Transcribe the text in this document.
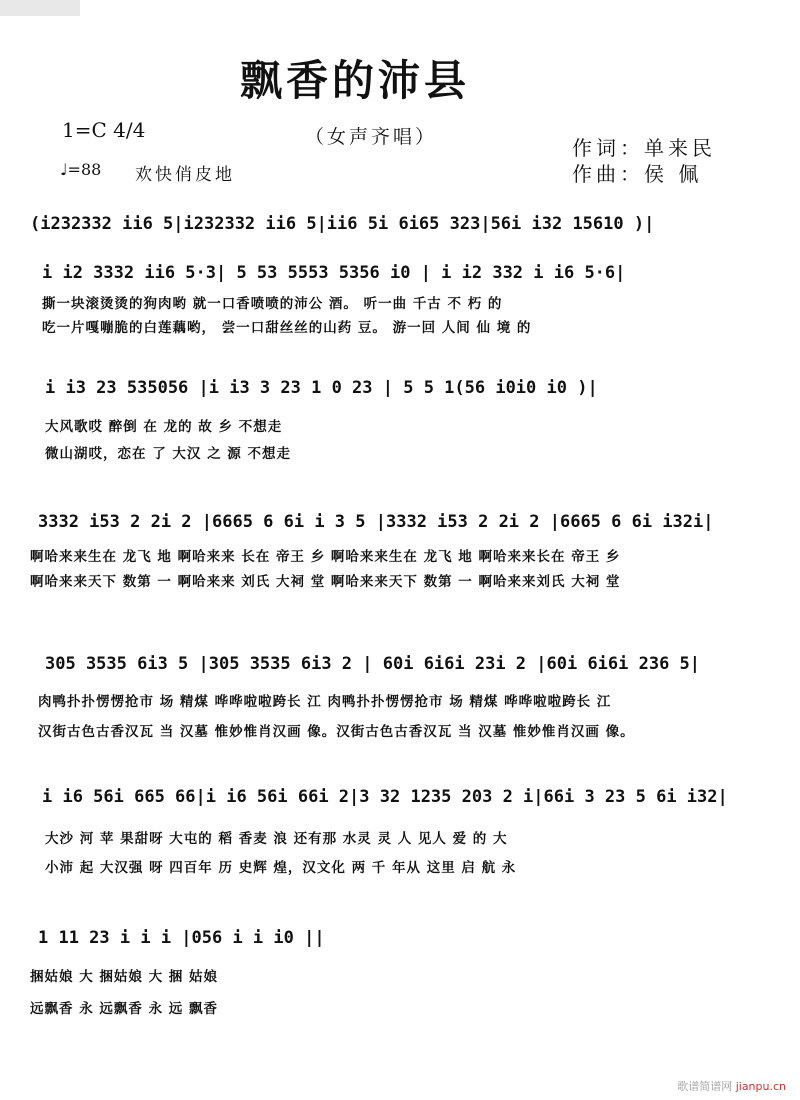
飘香的沛县
1=C 4/4	（女声齐唱）	作词：单来民
作曲：侯 佩
♩=88 欢快俏皮地
(i232332 ii6 5|i232332 ii6 5|ii6 5i 6i65 323|56i i32 15610 )|
i i2 3332 ii6 5·3| 5 53 5553 5356 i0 | i i2 332 i i6 5·6|
撕一块滚烫烫的狗肉哟 就一口香喷喷的沛公 酒。 听一曲 千古 不 朽 的
吃一片嘎嘣脆的白莲藕哟， 尝一口甜丝丝的山药 豆。 游一回 人间 仙 境 的
i i3 23 535056 |i i3 3 23 1 0 23 | 5 5 1(56 i0i0 i0 )|
大风歌哎 醉倒 在 龙的 故 乡 不想走
微山湖哎，恋在 了 大汉 之 源 不想走
3332 i53 2 2i 2 |6665 6 6i i 3 5 |3332 i53 2 2i 2 |6665 6 6i i32i|
啊哈来来生在 龙飞 地 啊哈来来 长在 帝王 乡 啊哈来来生在 龙飞 地 啊哈来来长在 帝王 乡
啊哈来来天下 数第 一 啊哈来来 刘氏 大祠 堂 啊哈来来天下 数第 一 啊哈来来刘氏 大祠 堂
305 3535 6i3 5 |305 3535 6i3 2 | 60i 6i6i 23i 2 |60i 6i6i 236 5|
肉鸭扑扑愣愣抢市 场 精煤 哗哗啦啦跨长 江 肉鸭扑扑愣愣抢市 场 精煤 哗哗啦啦跨长 江
汉街古色古香汉瓦 当 汉墓 惟妙惟肖汉画 像。汉街古色古香汉瓦 当 汉墓 惟妙惟肖汉画 像。
i i6 56i 665 66|i i6 56i 66i 2|3 32 1235 203 2 i|66i 3 23 5 6i i32|
大沙 河 苹 果甜呀 大屯的 稻 香麦 浪 还有那 水灵 灵 人 见人 爱 的 大
小沛 起 大汉强 呀 四百年 历 史辉 煌，汉文化 两 千 年从 这里 启 航 永
1 11 23 i i i |056 i i i0 ||
捆姑娘 大 捆姑娘 大 捆 姑娘
远飘香 永 远飘香 永 远 飘香
歌谱简谱网 jianpu.cn
